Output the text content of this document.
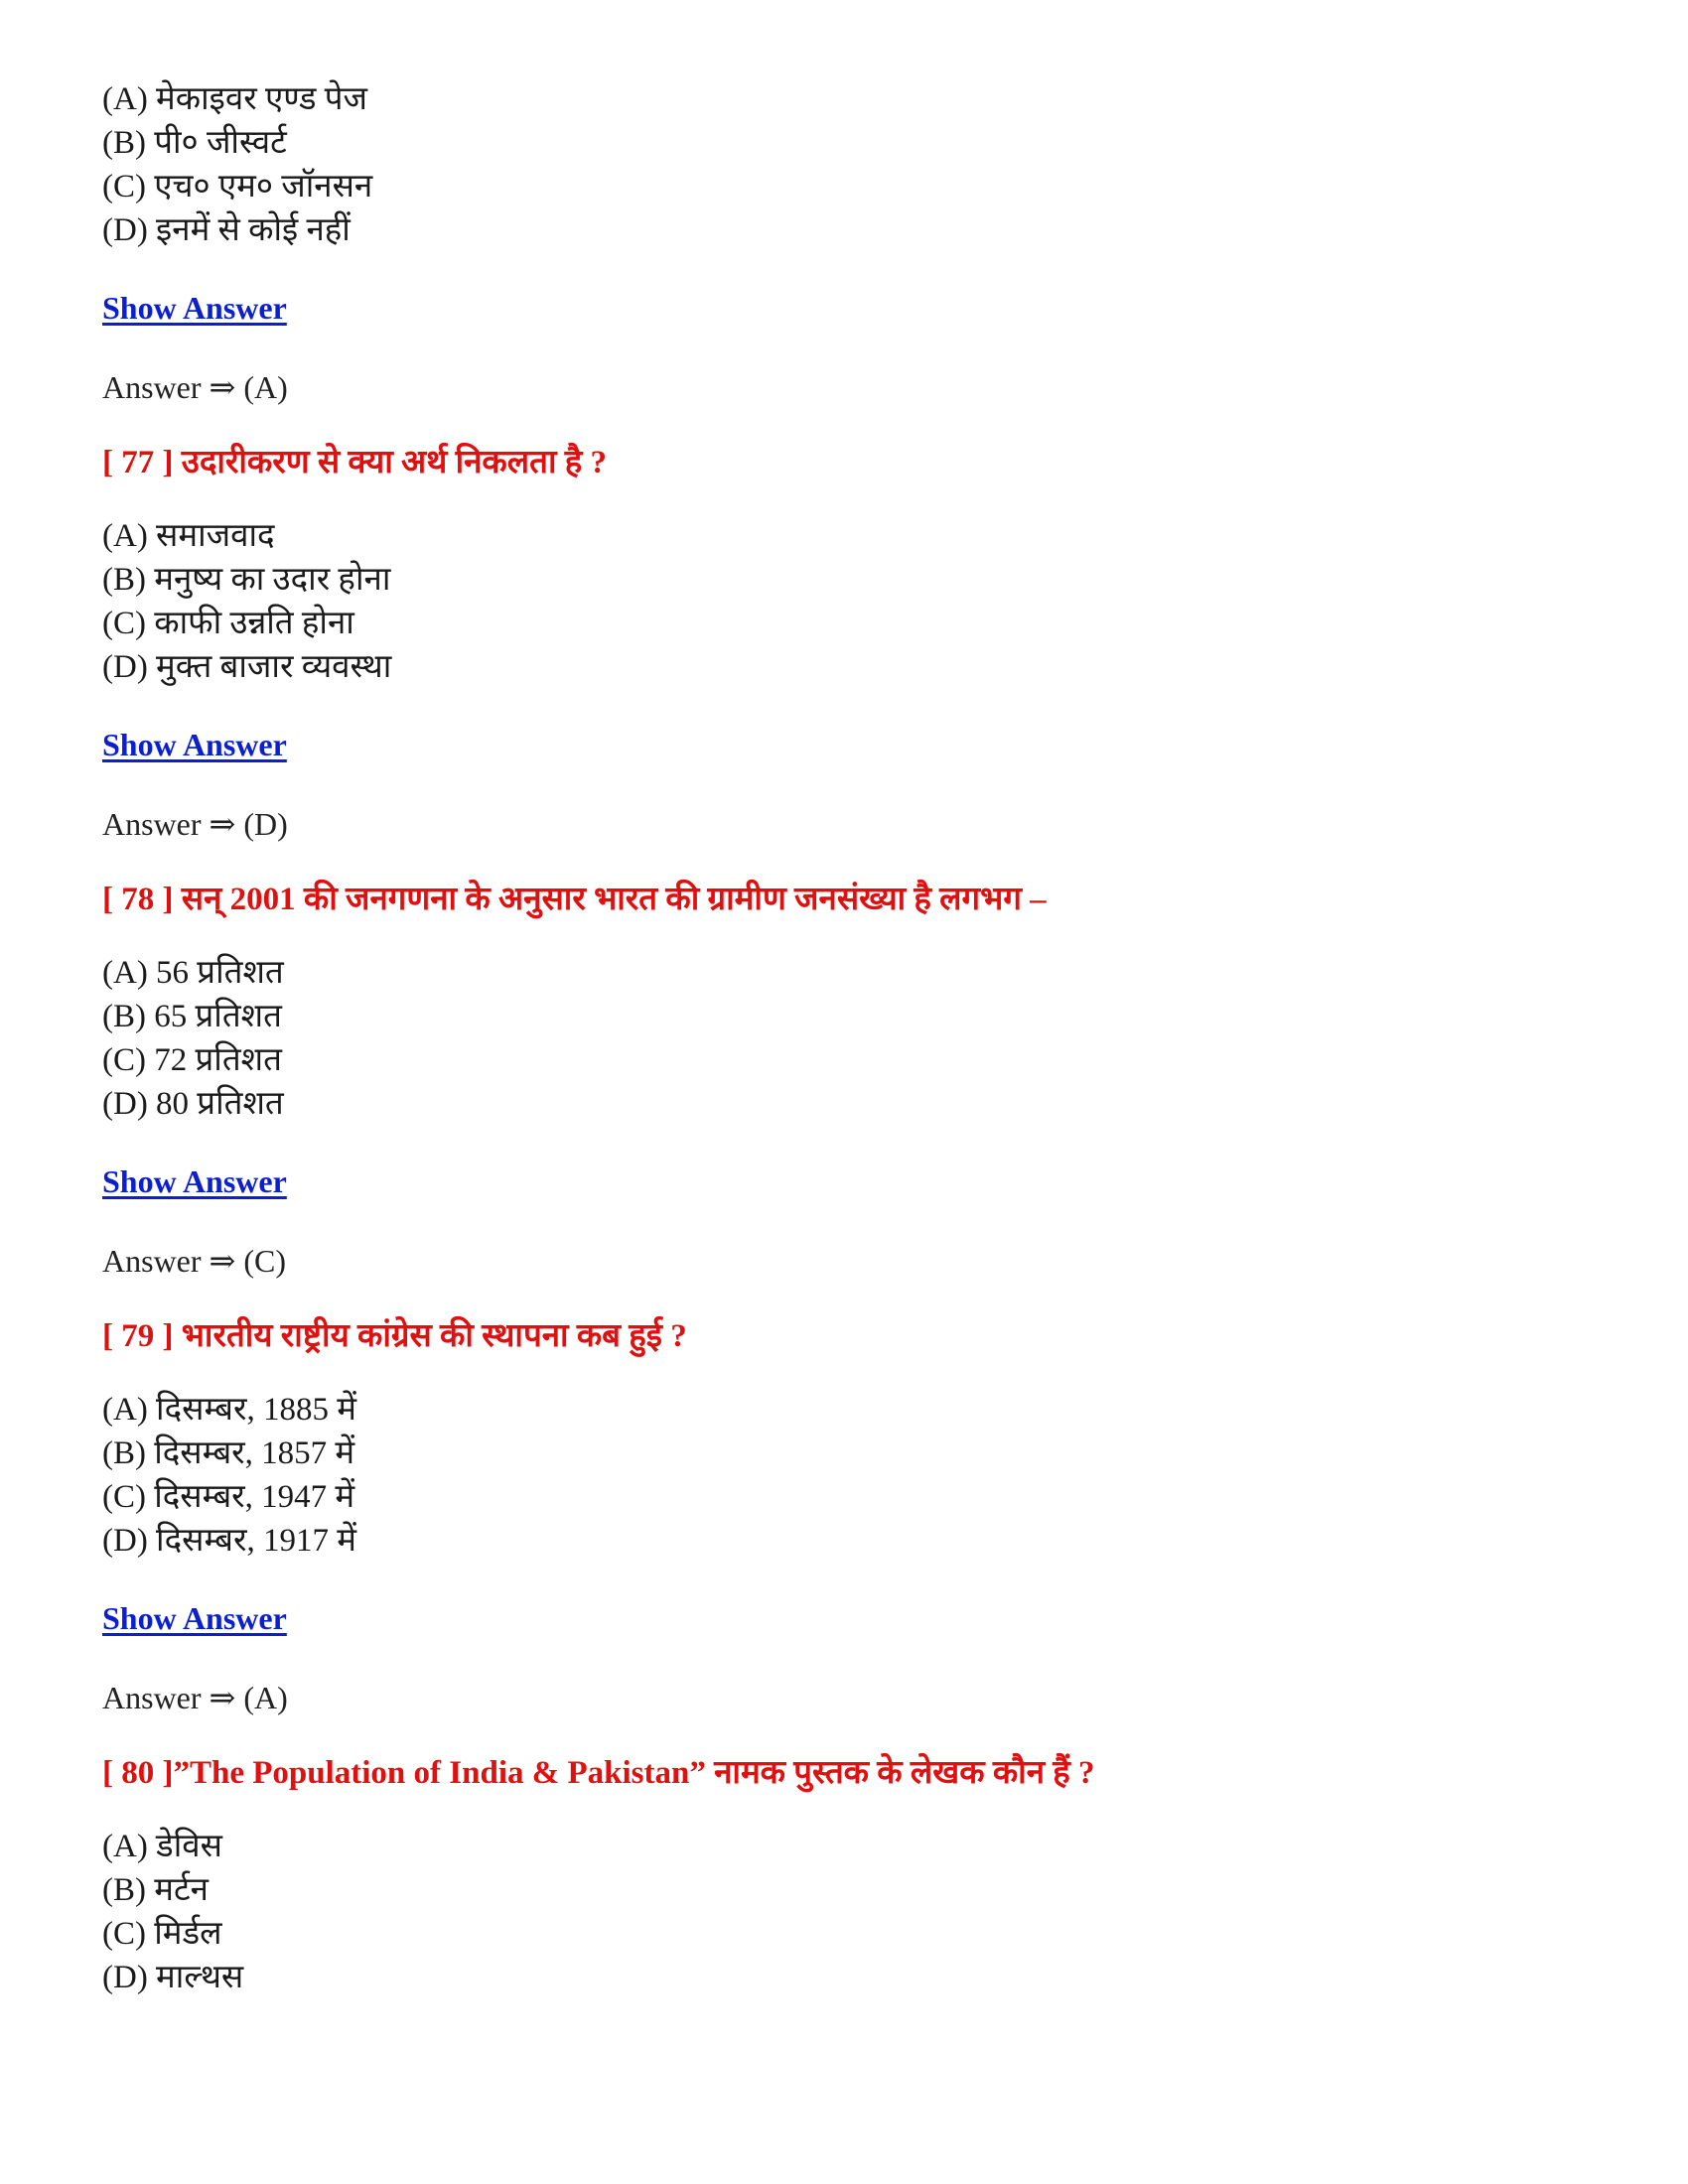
(A) मेकाइवर एण्ड पेज
(B) पी० जीस्वर्ट
(C) एच० एम० जॉनसन
(D) इनमें से कोई नहीं
Show Answer
Answer ⇒ (A)
[ 77 ] उदारीकरण से क्या अर्थ निकलता है ?
(A) समाजवाद
(B) मनुष्य का उदार होना
(C) काफी उन्नति होना
(D) मुक्त बाजार व्यवस्था
Show Answer
Answer ⇒ (D)
[ 78 ] सन् 2001 की जनगणना के अनुसार भारत की ग्रामीण जनसंख्या है लगभग –
(A) 56 प्रतिशत
(B) 65 प्रतिशत
(C) 72 प्रतिशत
(D) 80 प्रतिशत
Show Answer
Answer ⇒ (C)
[ 79 ] भारतीय राष्ट्रीय कांग्रेस की स्थापना कब हुई ?
(A) दिसम्बर, 1885 में
(B) दिसम्बर, 1857 में
(C) दिसम्बर, 1947 में
(D) दिसम्बर, 1917 में
Show Answer
Answer ⇒ (A)
[ 80 ]”The Population of India & Pakistan” नामक पुस्तक के लेखक कौन हैं ?
(A) डेविस
(B) मर्टन
(C) मिर्डल
(D) माल्थस
